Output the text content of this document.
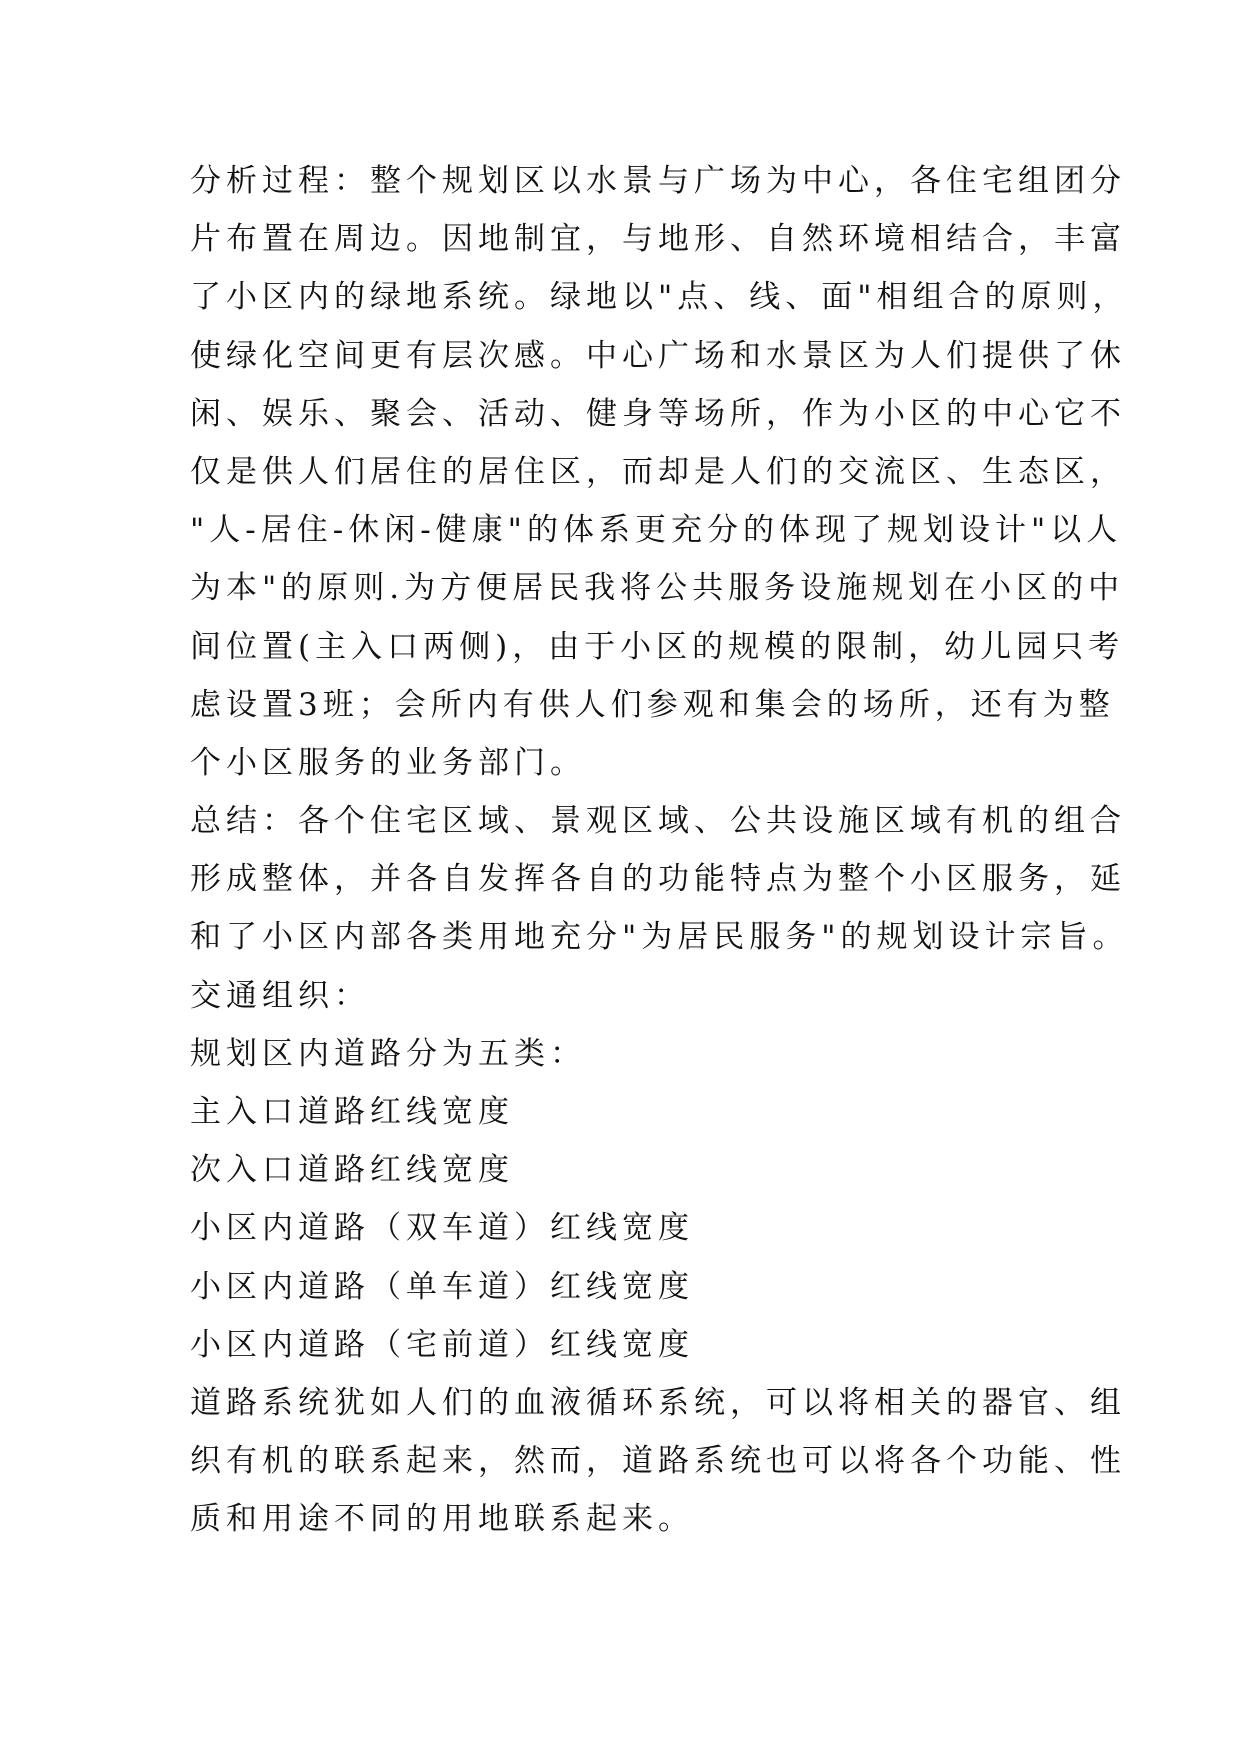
分析过程：整个规划区以水景与广场为中心，各住宅组团分
片布置在周边。因地制宜，与地形、自然环境相结合，丰富
了小区内的绿地系统。绿地以"点、线、面"相组合的原则，
使绿化空间更有层次感。中心广场和水景区为人们提供了休
闲、娱乐、聚会、活动、健身等场所，作为小区的中心它不
仅是供人们居住的居住区，而却是人们的交流区、生态区，
"人-居住-休闲-健康"的体系更充分的体现了规划设计"以人
为本"的原则.为方便居民我将公共服务设施规划在小区的中
间位置(主入口两侧)，由于小区的规模的限制，幼儿园只考
虑设置3班；会所内有供人们参观和集会的场所，还有为整
个小区服务的业务部门。
总结：各个住宅区域、景观区域、公共设施区域有机的组合
形成整体，并各自发挥各自的功能特点为整个小区服务，延
和了小区内部各类用地充分"为居民服务"的规划设计宗旨。
交通组织：
规划区内道路分为五类：
主入口道路红线宽度
次入口道路红线宽度
小区内道路（双车道）红线宽度
小区内道路（单车道）红线宽度
小区内道路（宅前道）红线宽度
道路系统犹如人们的血液循环系统，可以将相关的器官、组
织有机的联系起来，然而，道路系统也可以将各个功能、性
质和用途不同的用地联系起来。
